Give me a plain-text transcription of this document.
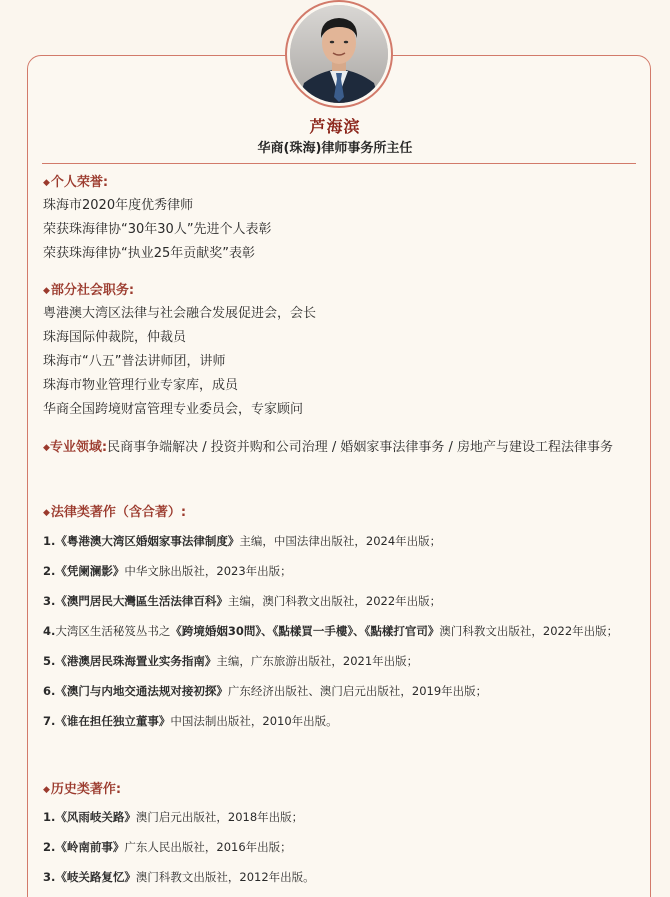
芦海滨
华商(珠海)律师事务所主任
◆个人荣誉:
珠海市2020年度优秀律师
荣获珠海律协“30年30人”先进个人表彰
荣获珠海律协“执业25年贡献奖”表彰
◆部分社会职务:
粤港澳大湾区法律与社会融合发展促进会，会长
珠海国际仲裁院，仲裁员
珠海市“八五”普法讲师团，讲师
珠海市物业管理行业专家库，成员
华商全国跨境财富管理专业委员会，专家顾问
◆专业领域:民商事争端解决 / 投资并购和公司治理 / 婚姻家事法律事务 / 房地产与建设工程法律事务
◆法律类著作（含合著）:
1.《粤港澳大湾区婚姻家事法律制度》主编，中国法律出版社，2024年出版；
2.《凭阑澜影》中华文脉出版社，2023年出版；
3.《澳門居民大灣區生活法律百科》主编，澳门科教文出版社，2022年出版；
4.大湾区生活秘笈丛书之《跨境婚姻30問》、《點樣買一手樓》、《點樣打官司》澳门科教文出版社，2022年出版；
5.《港澳居民珠海置业实务指南》主编，广东旅游出版社，2021年出版；
6.《澳门与内地交通法规对接初探》广东经济出版社、澳门启元出版社，2019年出版；
7.《谁在担任独立董事》中国法制出版社，2010年出版。
◆历史类著作:
1.《风雨岐关路》澳门启元出版社，2018年出版；
2.《岭南前事》广东人民出版社，2016年出版；
3.《岐关路复忆》澳门科教文出版社，2012年出版。
